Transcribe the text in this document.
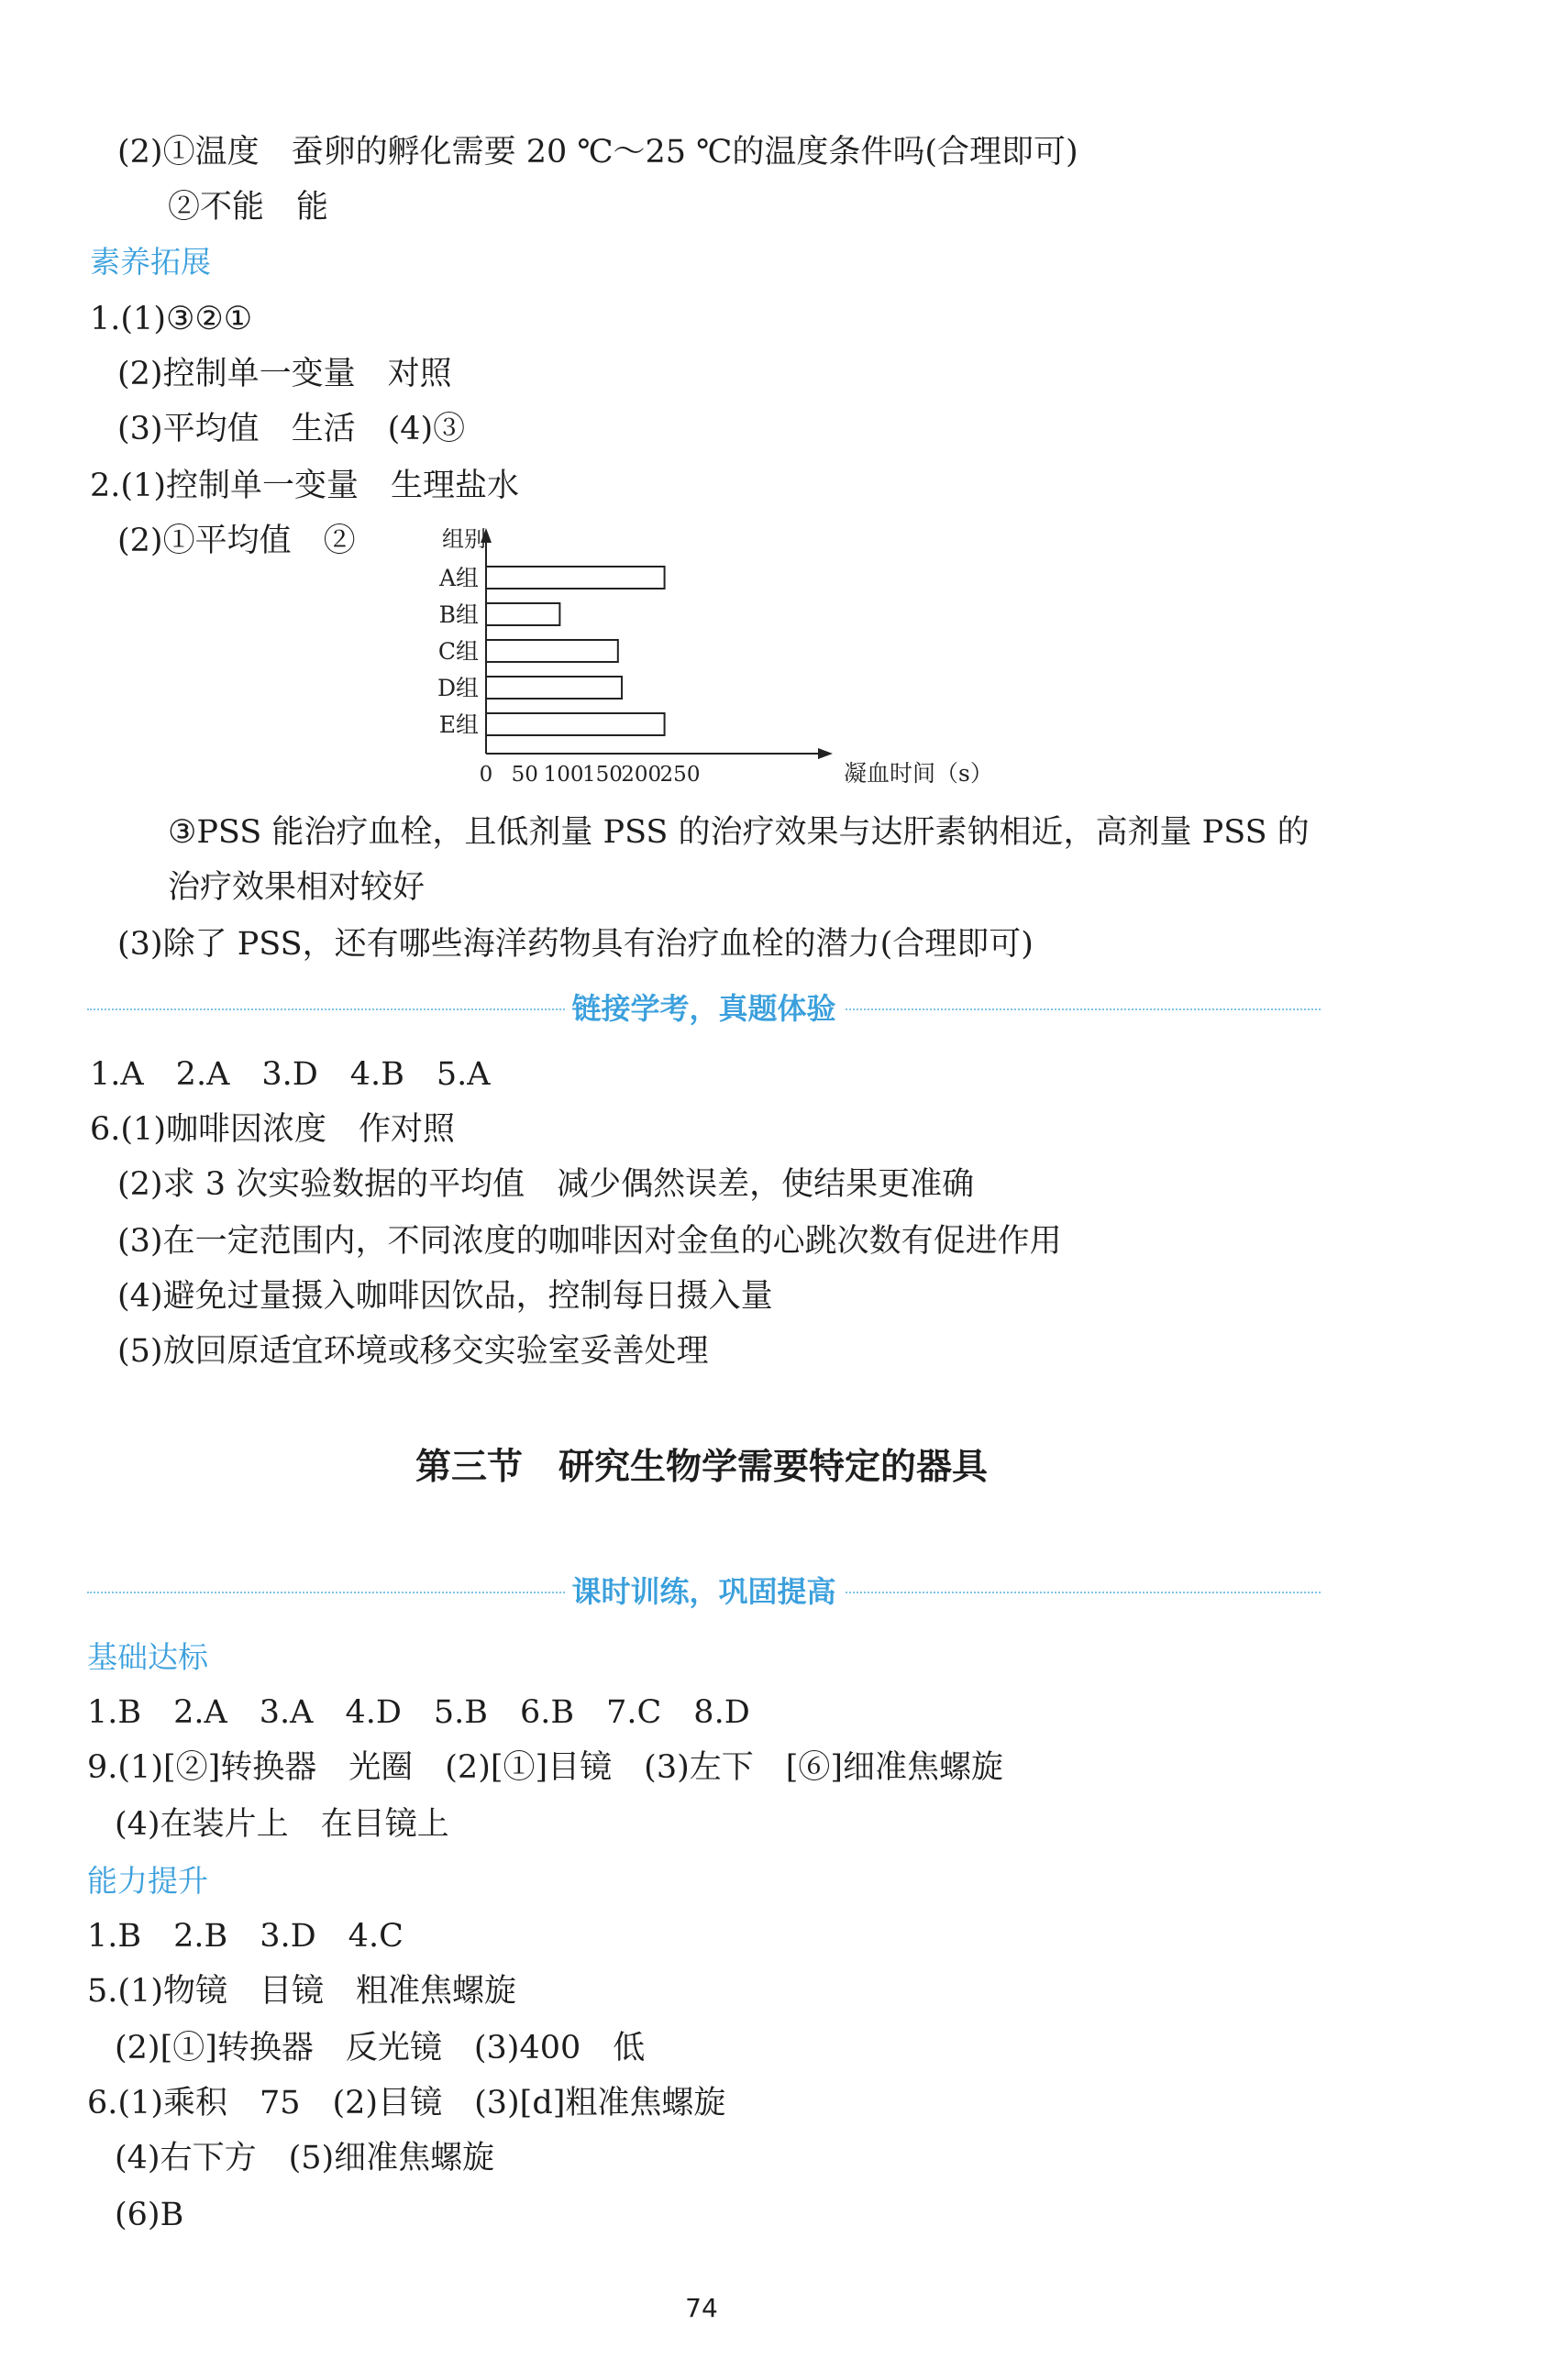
(2)①温度　蚕卵的孵化需要 20 ℃～25 ℃的温度条件吗(合理即可)
②不能　能
素养拓展
1.(1)③②①
(2)控制单一变量　对照
(3)平均值　生活　(4)③
2.(1)控制单一变量　生理盐水
(2)①平均值　②	组别
A组
B组
C组
D组
E组
0 50 100
150
200
250	凝血时间（s）
③PSS 能治疗血栓，且低剂量 PSS 的治疗效果与达肝素钠相近，高剂量 PSS 的
治疗效果相对较好
(3)除了 PSS，还有哪些海洋药物具有治疗血栓的潜力(合理即可)
链接学考，真题体验
1.A　2.A　3.D　4.B　5.A
6.(1)咖啡因浓度　作对照
(2)求 3 次实验数据的平均值　减少偶然误差，使结果更准确
(3)在一定范围内，不同浓度的咖啡因对金鱼的心跳次数有促进作用
(4)避免过量摄入咖啡因饮品，控制每日摄入量
(5)放回原适宜环境或移交实验室妥善处理
第三节　研究生物学需要特定的器具
课时训练，巩固提高
基础达标
1.B　2.A　3.A　4.D　5.B　6.B　7.C　8.D
9.(1)[②]转换器　光圈　(2)[①]目镜　(3)左下　[⑥]细准焦螺旋
(4)在装片上　在目镜上
能力提升
1.B　2.B　3.D　4.C
5.(1)物镜　目镜　粗准焦螺旋
(2)[①]转换器　反光镜　(3)400　低
6.(1)乘积　75　(2)目镜　(3)[d]粗准焦螺旋
(4)右下方　(5)细准焦螺旋
(6)B
74
